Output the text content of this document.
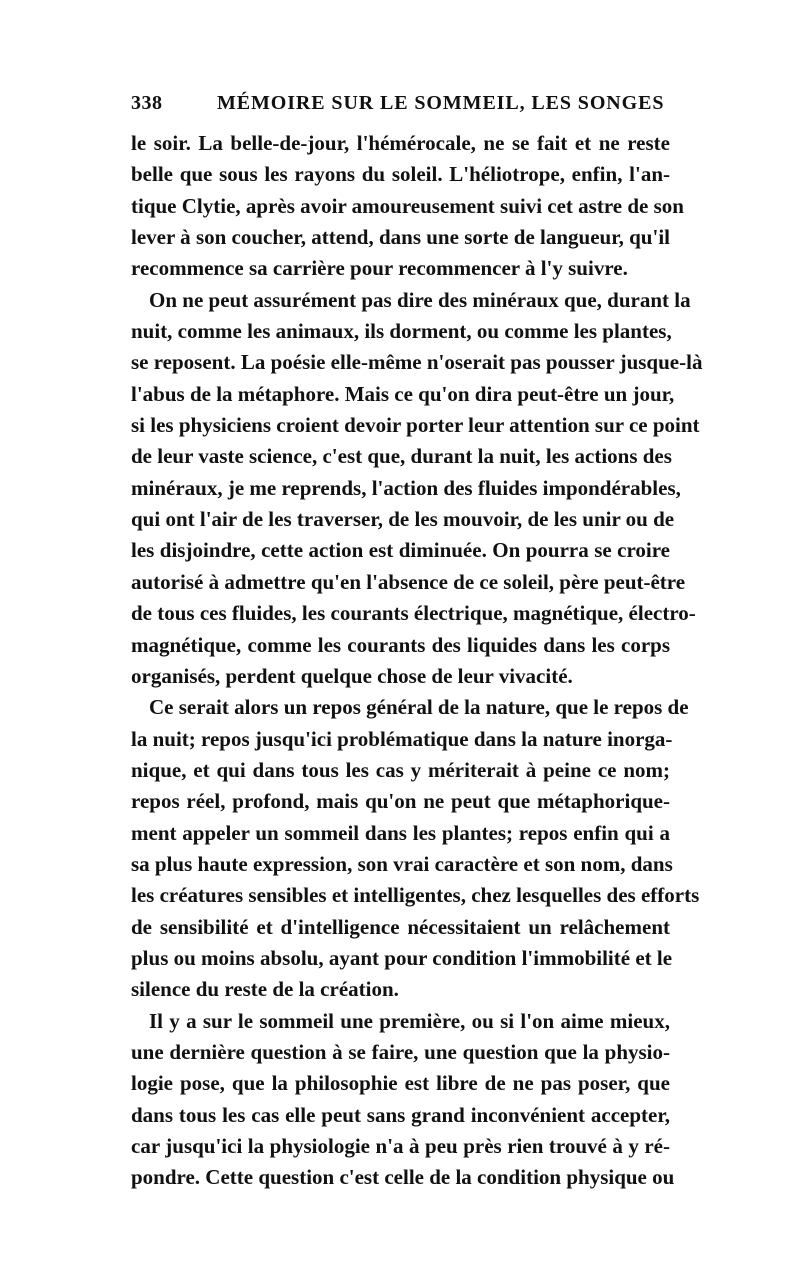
338	MÉMOIRE SUR LE SOMMEIL, LES SONGES
le soir. La belle-de-jour, l'hémérocale, ne se fait et ne reste
belle que sous les rayons du soleil. L'héliotrope, enfin, l'an-
tique Clytie, après avoir amoureusement suivi cet astre de son
lever à son coucher, attend, dans une sorte de langueur, qu'il
recommence sa carrière pour recommencer à l'y suivre.
On ne peut assurément pas dire des minéraux que, durant la
nuit, comme les animaux, ils dorment, ou comme les plantes,
se reposent. La poésie elle-même n'oserait pas pousser jusque-là
l'abus de la métaphore. Mais ce qu'on dira peut-être un jour,
si les physiciens croient devoir porter leur attention sur ce point
de leur vaste science, c'est que, durant la nuit, les actions des
minéraux, je me reprends, l'action des fluides impondérables,
qui ont l'air de les traverser, de les mouvoir, de les unir ou de
les disjoindre, cette action est diminuée. On pourra se croire
autorisé à admettre qu'en l'absence de ce soleil, père peut-être
de tous ces fluides, les courants électrique, magnétique, électro-
magnétique, comme les courants des liquides dans les corps
organisés, perdent quelque chose de leur vivacité.
Ce serait alors un repos général de la nature, que le repos de
la nuit; repos jusqu'ici problématique dans la nature inorga-
nique, et qui dans tous les cas y mériterait à peine ce nom;
repos réel, profond, mais qu'on ne peut que métaphorique-
ment appeler un sommeil dans les plantes; repos enfin qui a
sa plus haute expression, son vrai caractère et son nom, dans
les créatures sensibles et intelligentes, chez lesquelles des efforts
de sensibilité et d'intelligence nécessitaient un relâchement
plus ou moins absolu, ayant pour condition l'immobilité et le
silence du reste de la création.
Il y a sur le sommeil une première, ou si l'on aime mieux,
une dernière question à se faire, une question que la physio-
logie pose, que la philosophie est libre de ne pas poser, que
dans tous les cas elle peut sans grand inconvénient accepter,
car jusqu'ici la physiologie n'a à peu près rien trouvé à y ré-
pondre. Cette question c'est celle de la condition physique ou
